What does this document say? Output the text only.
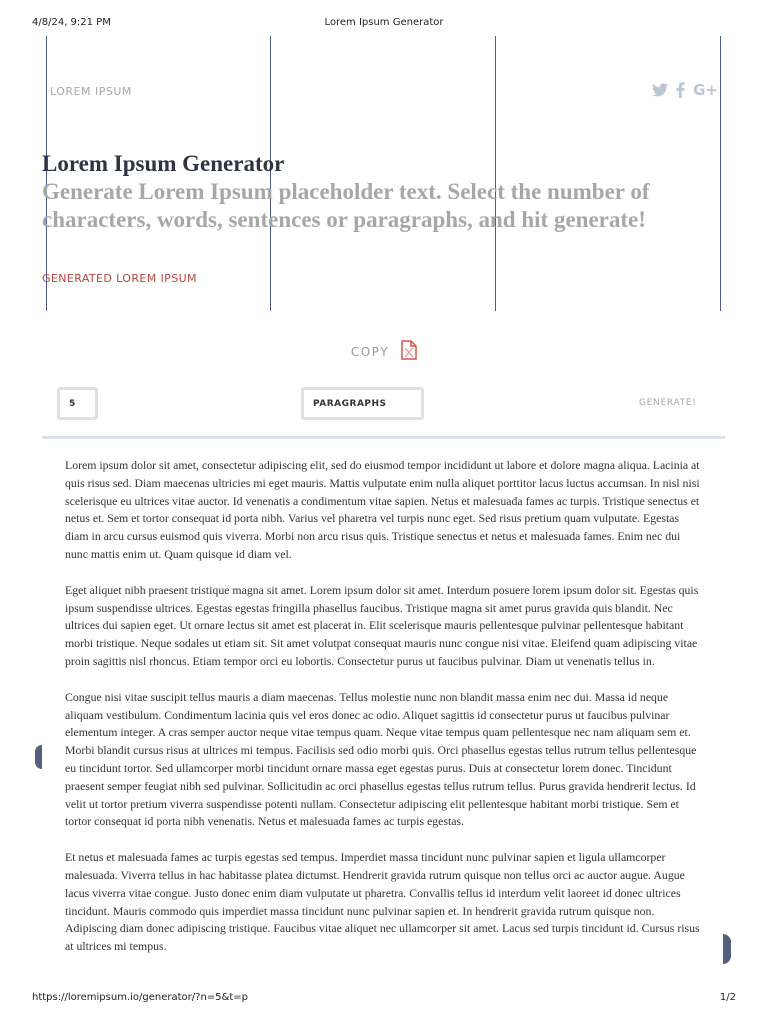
4/8/24, 9:21 PM	Lorem Ipsum Generator
LOREM IPSUM	G+
Lorem Ipsum Generator

Generate Lorem Ipsum placeholder text. Select the number of characters, words, sentences or paragraphs, and hit generate!

GENERATED LOREM IPSUM
COPY
5	PARAGRAPHS	GENERATE!

Lorem ipsum dolor sit amet, consectetur adipiscing elit, sed do eiusmod tempor incididunt ut labore et dolore magna aliqua. Lacinia at quis risus sed. Diam maecenas ultricies mi eget mauris. Mattis vulputate enim nulla aliquet porttitor lacus luctus accumsan. In nisl nisi scelerisque eu ultrices vitae auctor. Id venenatis a condimentum vitae sapien. Netus et malesuada fames ac turpis. Tristique senectus et netus et. Sem et tortor consequat id porta nibh. Varius vel pharetra vel turpis nunc eget. Sed risus pretium quam vulputate. Egestas diam in arcu cursus euismod quis viverra. Morbi non arcu risus quis. Tristique senectus et netus et malesuada fames. Enim nec dui nunc mattis enim ut. Quam quisque id diam vel.

Eget aliquet nibh praesent tristique magna sit amet. Lorem ipsum dolor sit amet. Interdum posuere lorem ipsum dolor sit. Egestas quis ipsum suspendisse ultrices. Egestas egestas fringilla phasellus faucibus. Tristique magna sit amet purus gravida quis blandit. Nec ultrices dui sapien eget. Ut ornare lectus sit amet est placerat in. Elit scelerisque mauris pellentesque pulvinar pellentesque habitant morbi tristique. Neque sodales ut etiam sit. Sit amet volutpat consequat mauris nunc congue nisi vitae. Eleifend quam adipiscing vitae proin sagittis nisl rhoncus. Etiam tempor orci eu lobortis. Consectetur purus ut faucibus pulvinar. Diam ut venenatis tellus in.

Congue nisi vitae suscipit tellus mauris a diam maecenas. Tellus molestie nunc non blandit massa enim nec dui. Massa id neque aliquam vestibulum. Condimentum lacinia quis vel eros donec ac odio. Aliquet sagittis id consectetur purus ut faucibus pulvinar elementum integer. A cras semper auctor neque vitae tempus quam. Neque vitae tempus quam pellentesque nec nam aliquam sem et. Morbi blandit cursus risus at ultrices mi tempus. Facilisis sed odio morbi quis. Orci phasellus egestas tellus rutrum tellus pellentesque eu tincidunt tortor. Sed ullamcorper morbi tincidunt ornare massa eget egestas purus. Duis at consectetur lorem donec. Tincidunt praesent semper feugiat nibh sed pulvinar. Sollicitudin ac orci phasellus egestas tellus rutrum tellus. Purus gravida hendrerit lectus. Id velit ut tortor pretium viverra suspendisse potenti nullam. Consectetur adipiscing elit pellentesque habitant morbi tristique. Sem et tortor consequat id porta nibh venenatis. Netus et malesuada fames ac turpis egestas.

Et netus et malesuada fames ac turpis egestas sed tempus. Imperdiet massa tincidunt nunc pulvinar sapien et ligula ullamcorper malesuada. Viverra tellus in hac habitasse platea dictumst. Hendrerit gravida rutrum quisque non tellus orci ac auctor augue. Augue lacus viverra vitae congue. Justo donec enim diam vulputate ut pharetra. Convallis tellus id interdum velit laoreet id donec ultrices tincidunt. Mauris commodo quis imperdiet massa tincidunt nunc pulvinar sapien et. In hendrerit gravida rutrum quisque non. Adipiscing diam donec adipiscing tristique. Faucibus vitae aliquet nec ullamcorper sit amet. Lacus sed turpis tincidunt id. Cursus risus at ultrices mi tempus.

https://loremipsum.io/generator/?n=5&t=p	1/2
